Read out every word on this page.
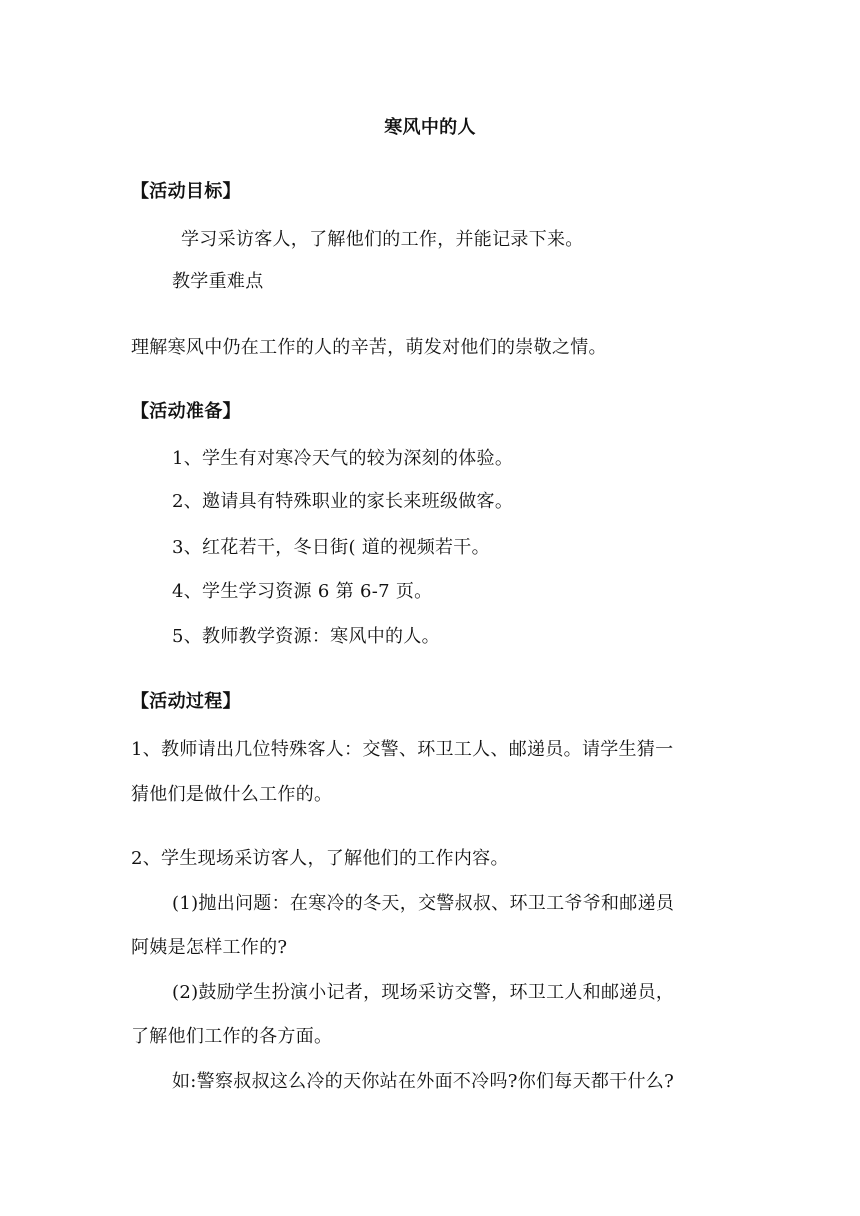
寒风中的人
【活动目标】
学习采访客人，了解他们的工作，并能记录下来。
教学重难点
理解寒风中仍在工作的人的辛苦，萌发对他们的崇敬之情。
【活动准备】
1、学生有对寒冷天气的较为深刻的体验。
2、邀请具有特殊职业的家长来班级做客。
3、红花若干，冬日街( 道的视频若干。
4、学生学习资源 6 第 6-7 页。
5、教师教学资源：寒风中的人。
【活动过程】
1、教师请出几位特殊客人：交警、环卫工人、邮递员。请学生猜一
猜他们是做什么工作的。
2、学生现场采访客人，了解他们的工作内容。
(1)抛出问题：在寒冷的冬天，交警叔叔、环卫工爷爷和邮递员
阿姨是怎样工作的?
(2)鼓励学生扮演小记者，现场采访交警，环卫工人和邮递员，
了解他们工作的各方面。
如:警察叔叔这么冷的天你站在外面不冷吗?你们每天都干什么?
